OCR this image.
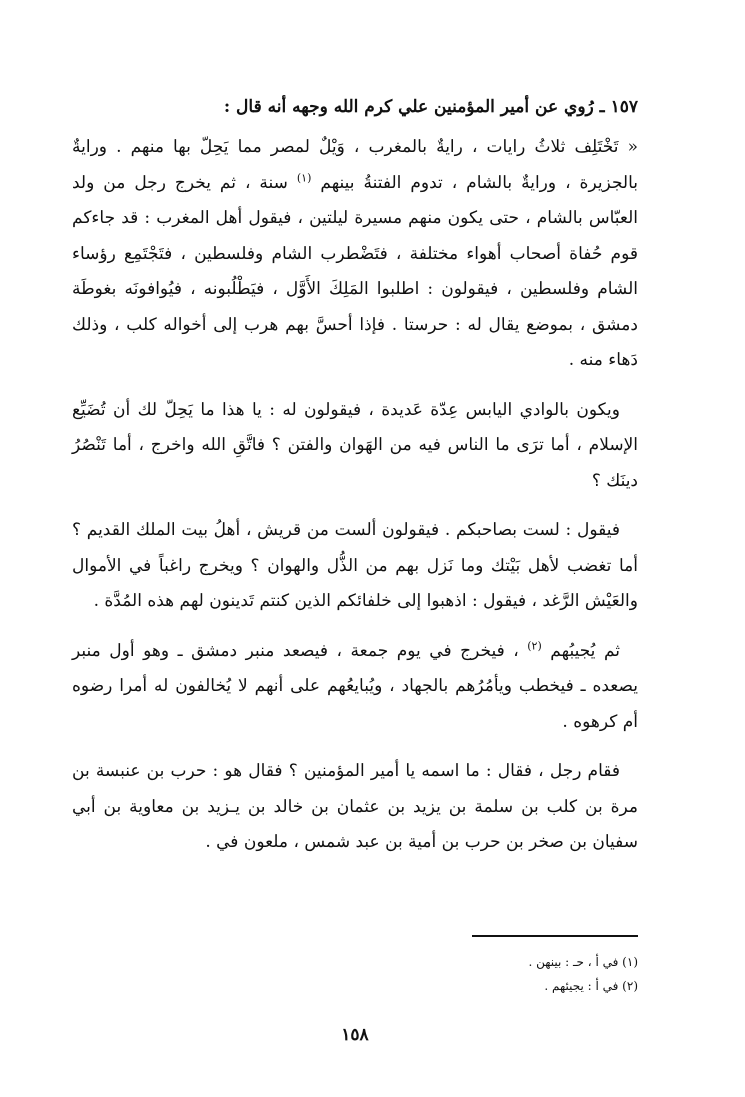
١٥٧ ـ رُوي عن أمير المؤمنين علي كرم الله وجهه أنه قال :

« تَخْتَلِف ثلاثُ رايات ، رايةٌ بالمغرب ، وَيْلٌ لمصر مما يَحِلّ بها منهم . ورايةٌ بالجزيرة ، ورايةٌ بالشام ، تدوم الفتنةُ بينهم $^{(١)}$ سنة ، ثم يخرج رجل من ولد العبّاس بالشام ، حتى يكون منهم مسيرة ليلتين ، فيقول أهل المغرب : قد جاءكم قوم حُفاة أصحاب أهواء مختلفة ، فتَضْطرب الشام وفلسطين ، فتَجْتَمِع رؤساء الشام وفلسطين ، فيقولون : اطلبوا المَلِكَ الأَوَّل ، فيَطْلُبونه ، فيُوافونَه بغوطَة دمشق ، بموضع يقال له : حرستا . فإذا أحسَّ بهم هرب إلى أخواله كلب ، وذلك دَهاء منه .

ويكون بالوادي اليابس عِدّة عَديدة ، فيقولون له : يا هذا ما يَحِلّ لك أن تُضَيِّع الإسلام ، أما ترَى ما الناس فيه من الهَوان والفتن ؟ فاتَّقِ الله واخرج ، أما تَنْصُرُ دينَك ؟

فيقول : لست بصاحبكم . فيقولون ألست من قريش ، أهلُ بيت الملك القديم ؟ أما تغضب لأهل بَيْتك وما نَزل بهم من الذُّل والهوان ؟ ويخرج راغباً في الأموال والعَيْش الرَّغد ، فيقول : اذهبوا إلى خلفائكم الذين كنتم تَدينون لهم هذه المُدَّة .

ثم يُجيبُهم $^{(٢)}$ ، فيخرج في يوم جمعة ، فيصعد منبر دمشق ـ وهو أول منبر يصعده ـ فيخطب ويأمُرُهم بالجهاد ، ويُبايعُهم على أنهم لا يُخالفون له أمرا رضوه أم كرهوه .

فقام رجل ، فقال : ما اسمه يا أمير المؤمنين ؟ فقال هو : حرب بن عنبسة بن مرة بن كلب بن سلمة بن يزيد بن عثمان بن خالد بن يـزيد بن معاوية بن أبي سفيان بن صخر بن حرب بن أمية بن عبد شمس ، ملعون في .

(١) في أ ، حـ : بينهن .

(٢) في أ : يجيئهم .

١٥٨
